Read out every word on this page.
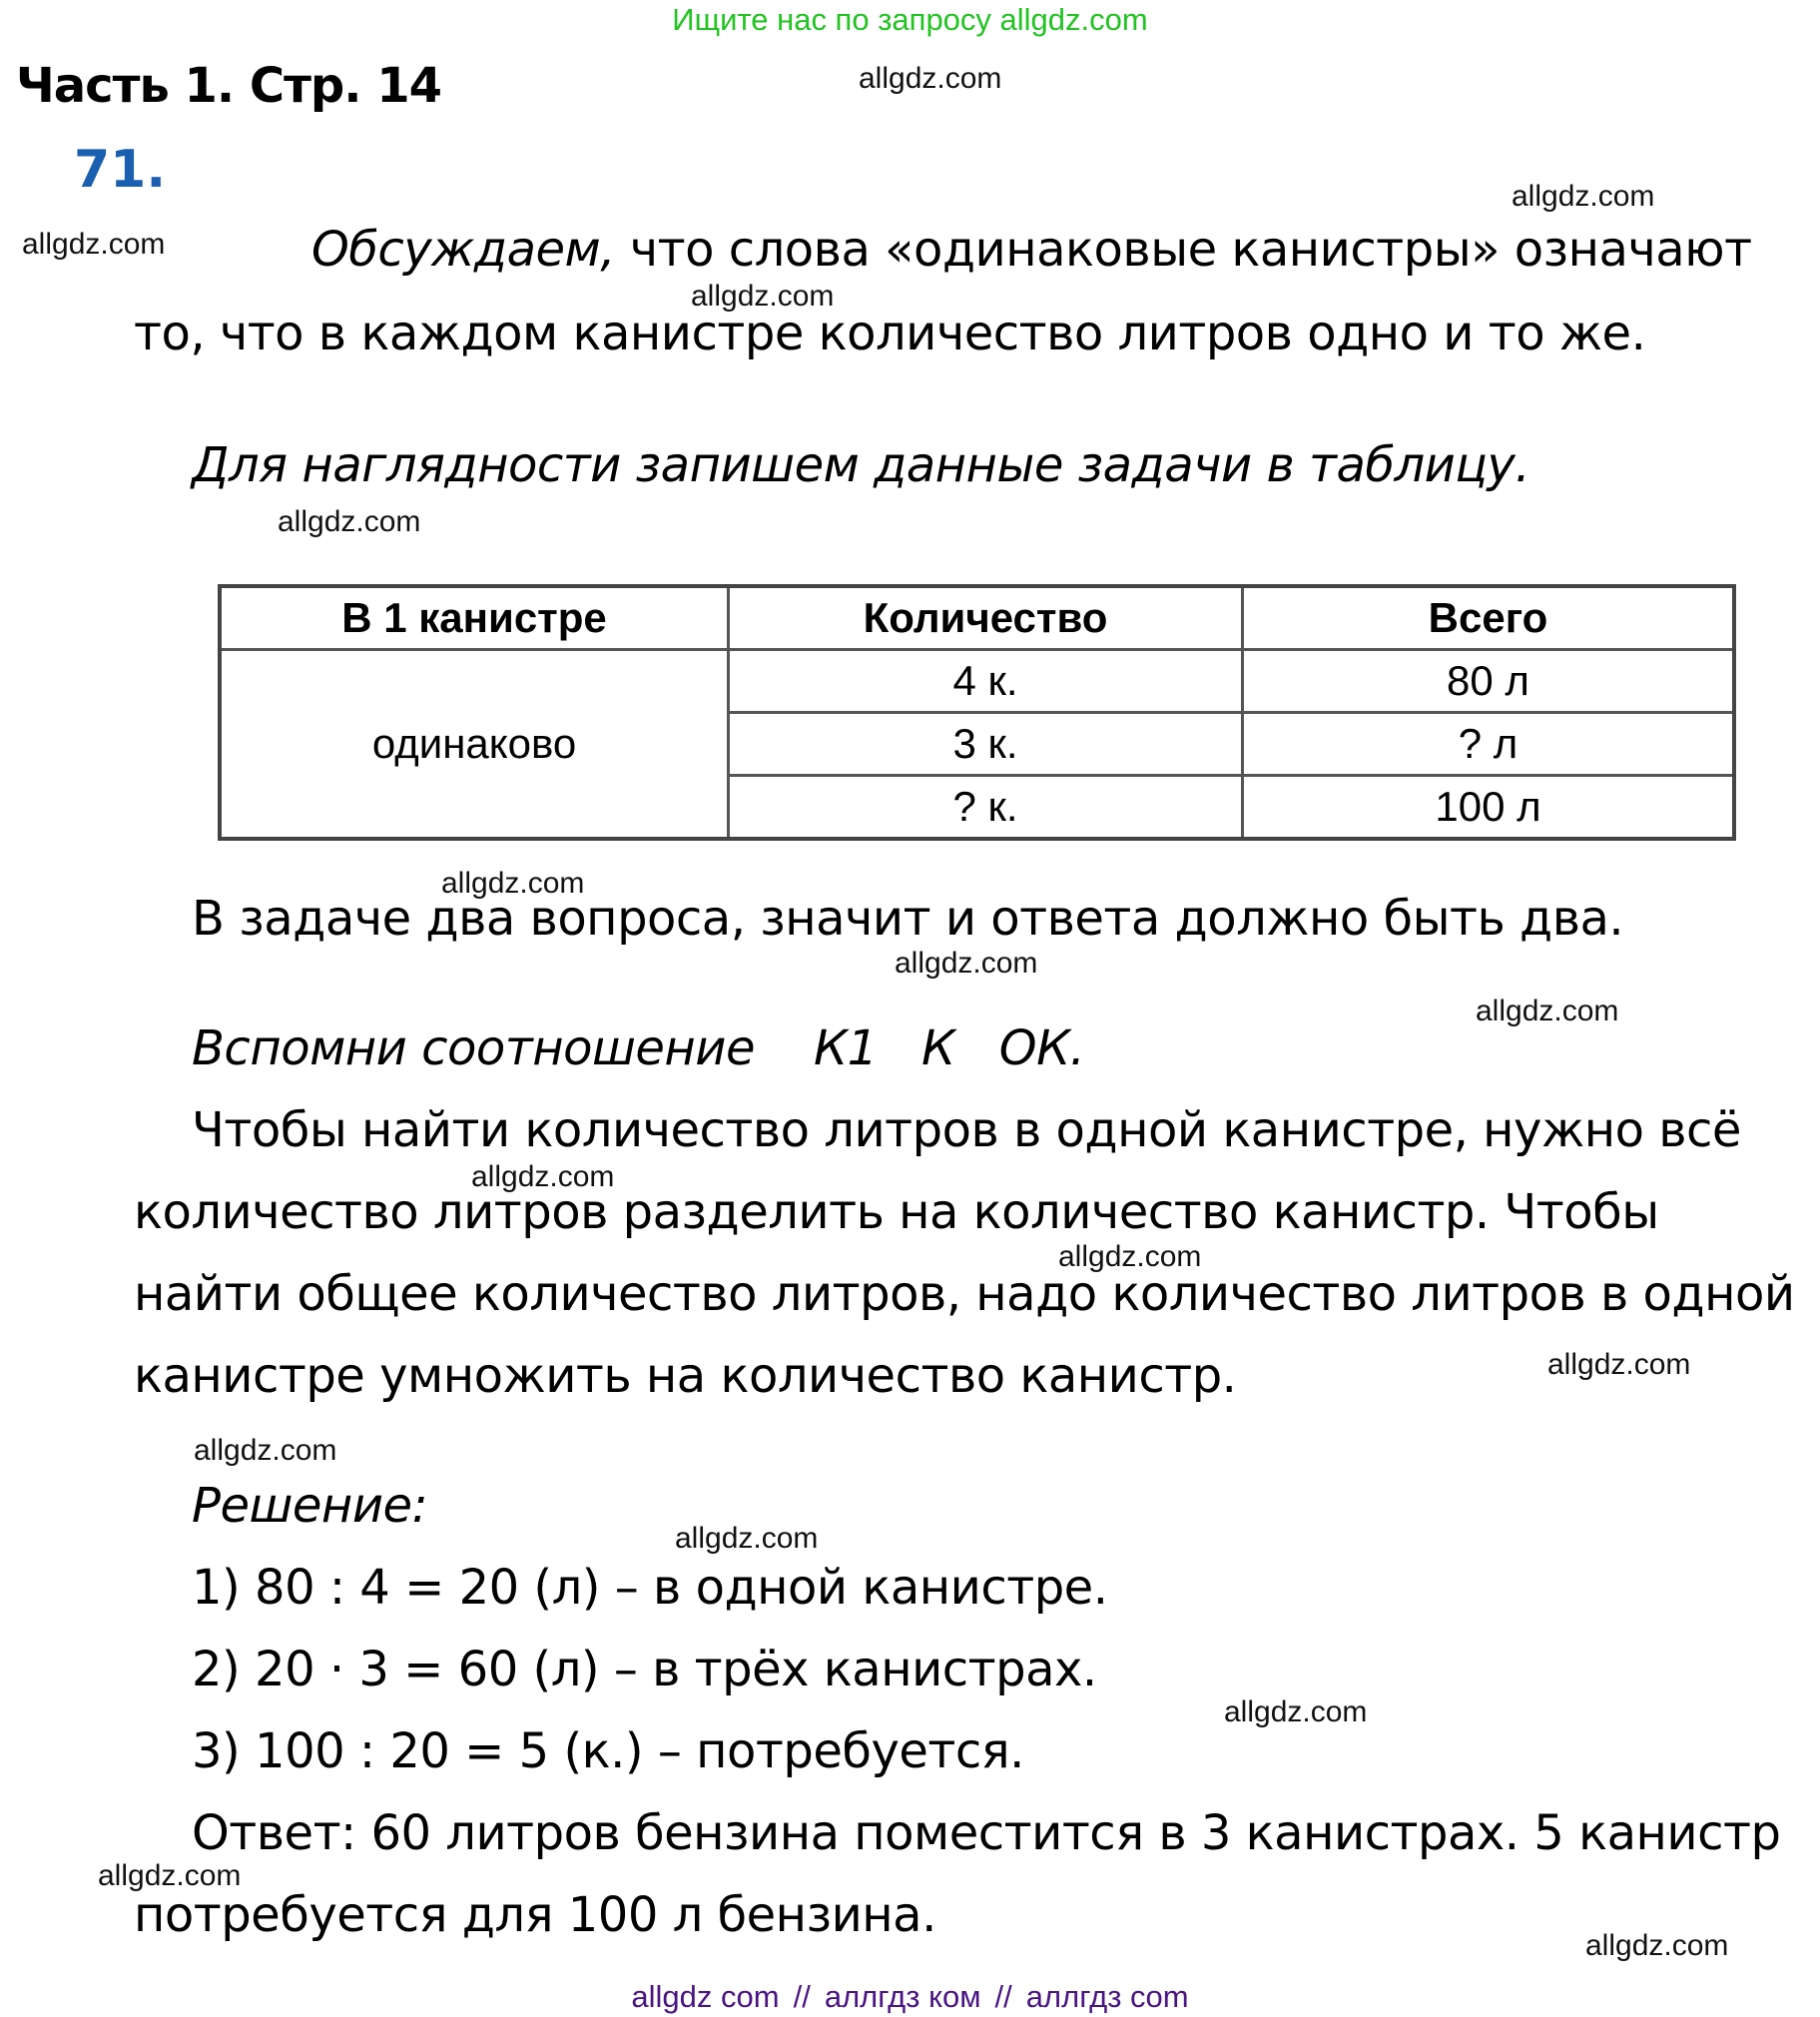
Ищите нас по запросу allgdz.com
Часть 1. Стр. 14
71.
allgdz.com
allgdz.com
allgdz.com
allgdz.com
allgdz.com
allgdz.com
allgdz.com
allgdz.com
allgdz.com
allgdz.com
allgdz.com
allgdz.com
allgdz.com
allgdz.com
allgdz.com
allgdz.com
Обсуждаем, что слова «одинаковые канистры» означают
то, что в каждом канистре количество литров одно и то же.
Для наглядности запишем данные задачи в таблицу.
В 1 канистре	Количество	Всего
одинаково	4 к.	80 л
	3 к.	? л
	? к.	100 л
В задаче два вопроса, значит и ответа должно быть два.
Вспомни соотношение    К1   К   ОК.
Чтобы найти количество литров в одной канистре, нужно всё
количество литров разделить на количество канистр. Чтобы
найти общее количество литров, надо количество литров в одной
канистре умножить на количество канистр.
Решение:
1) 80 : 4 = 20 (л) – в одной канистре.
2) 20 · 3 = 60 (л) – в трёх канистрах.
3) 100 : 20 = 5 (к.) – потребуется.
Ответ: 60 литров бензина поместится в 3 канистрах. 5 канистр
потребуется для 100 л бензина.
allgdz com // аллгдз ком // аллгдз com
